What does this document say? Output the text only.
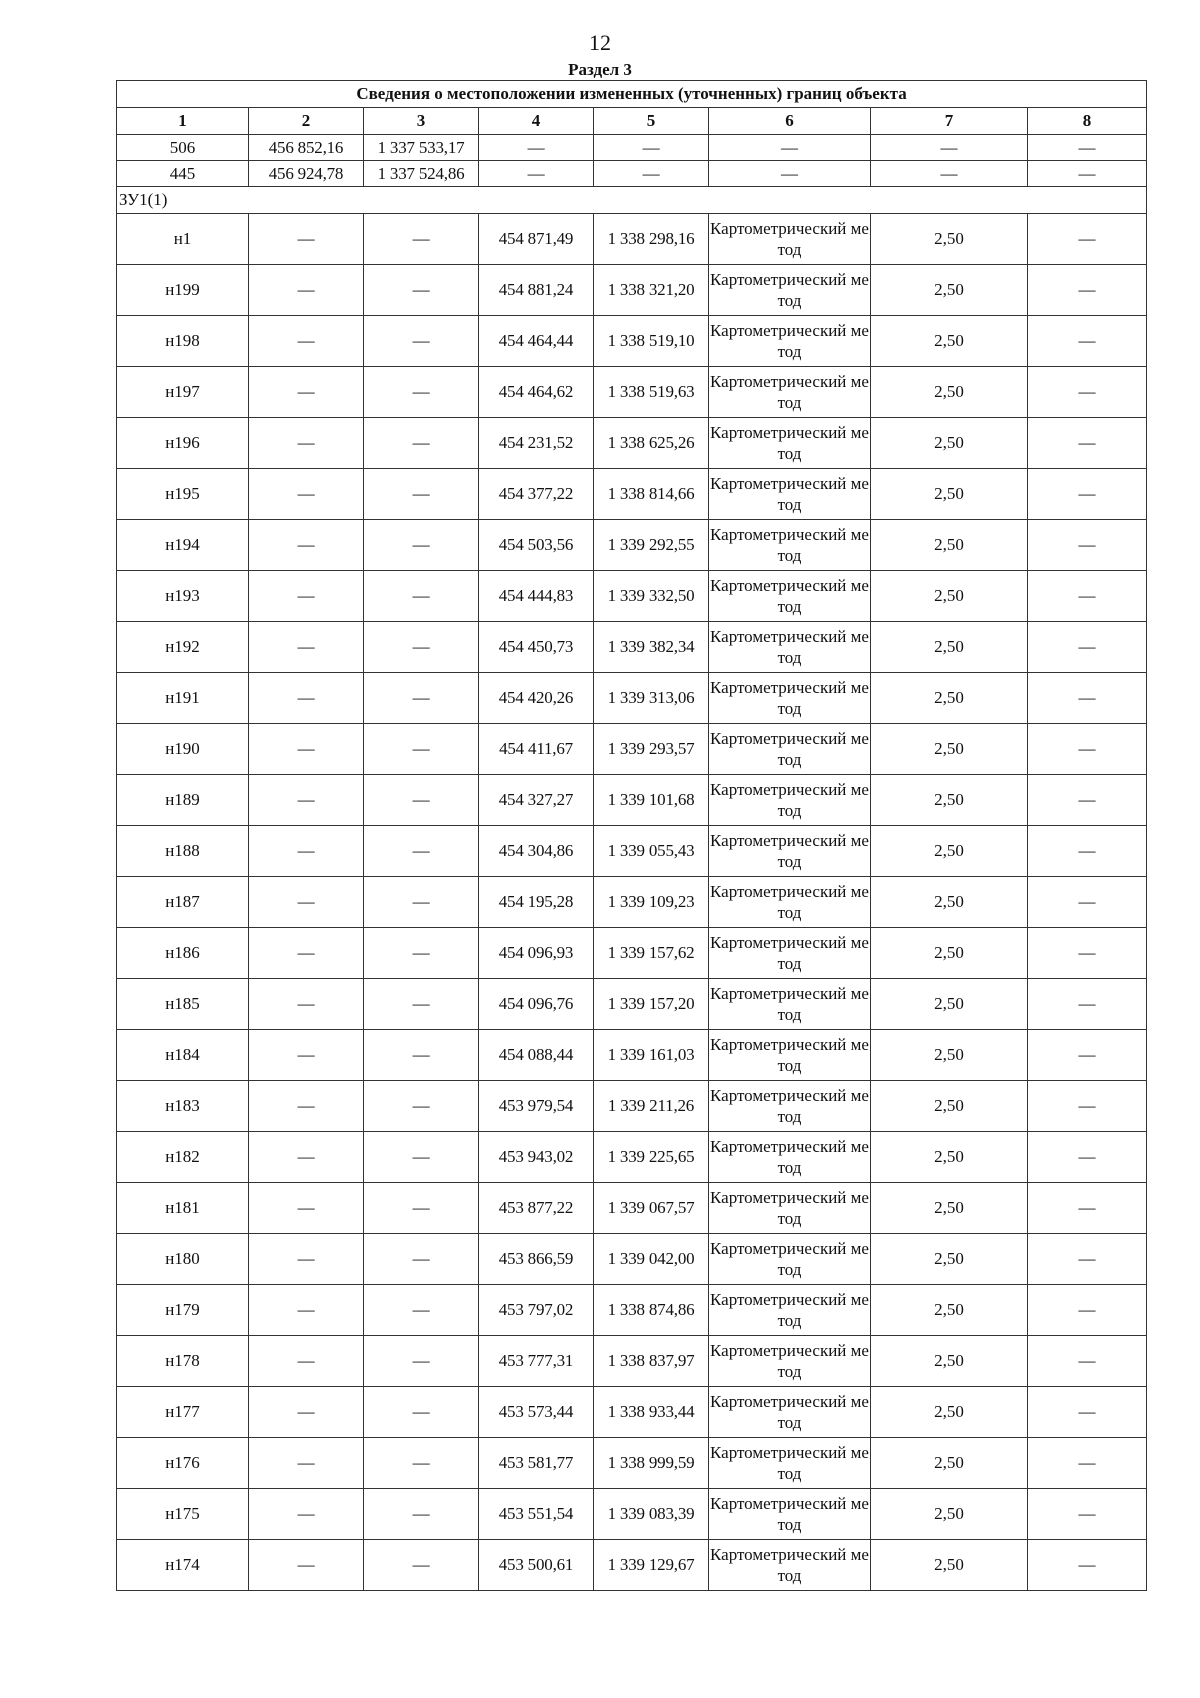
12
Раздел 3
Сведения о местоположении измененных (уточненных) границ объекта							
1	2	3	4	5	6	7	8
506	456 852,16	1 337 533,17	—	—	—	—	—
445	456 924,78	1 337 524,86	—	—	—	—	—
ЗУ1(1)							
н1	—	—	454 871,49	1 338 298,16	Картометрический метод	2,50	—
н199	—	—	454 881,24	1 338 321,20	Картометрический метод	2,50	—
н198	—	—	454 464,44	1 338 519,10	Картометрический метод	2,50	—
н197	—	—	454 464,62	1 338 519,63	Картометрический метод	2,50	—
н196	—	—	454 231,52	1 338 625,26	Картометрический метод	2,50	—
н195	—	—	454 377,22	1 338 814,66	Картометрический метод	2,50	—
н194	—	—	454 503,56	1 339 292,55	Картометрический метод	2,50	—
н193	—	—	454 444,83	1 339 332,50	Картометрический метод	2,50	—
н192	—	—	454 450,73	1 339 382,34	Картометрический метод	2,50	—
н191	—	—	454 420,26	1 339 313,06	Картометрический метод	2,50	—
н190	—	—	454 411,67	1 339 293,57	Картометрический метод	2,50	—
н189	—	—	454 327,27	1 339 101,68	Картометрический метод	2,50	—
н188	—	—	454 304,86	1 339 055,43	Картометрический метод	2,50	—
н187	—	—	454 195,28	1 339 109,23	Картометрический метод	2,50	—
н186	—	—	454 096,93	1 339 157,62	Картометрический метод	2,50	—
н185	—	—	454 096,76	1 339 157,20	Картометрический метод	2,50	—
н184	—	—	454 088,44	1 339 161,03	Картометрический метод	2,50	—
н183	—	—	453 979,54	1 339 211,26	Картометрический метод	2,50	—
н182	—	—	453 943,02	1 339 225,65	Картометрический метод	2,50	—
н181	—	—	453 877,22	1 339 067,57	Картометрический метод	2,50	—
н180	—	—	453 866,59	1 339 042,00	Картометрический метод	2,50	—
н179	—	—	453 797,02	1 338 874,86	Картометрический метод	2,50	—
н178	—	—	453 777,31	1 338 837,97	Картометрический метод	2,50	—
н177	—	—	453 573,44	1 338 933,44	Картометрический метод	2,50	—
н176	—	—	453 581,77	1 338 999,59	Картометрический метод	2,50	—
н175	—	—	453 551,54	1 339 083,39	Картометрический метод	2,50	—
н174	—	—	453 500,61	1 339 129,67	Картометрический метод	2,50	—
